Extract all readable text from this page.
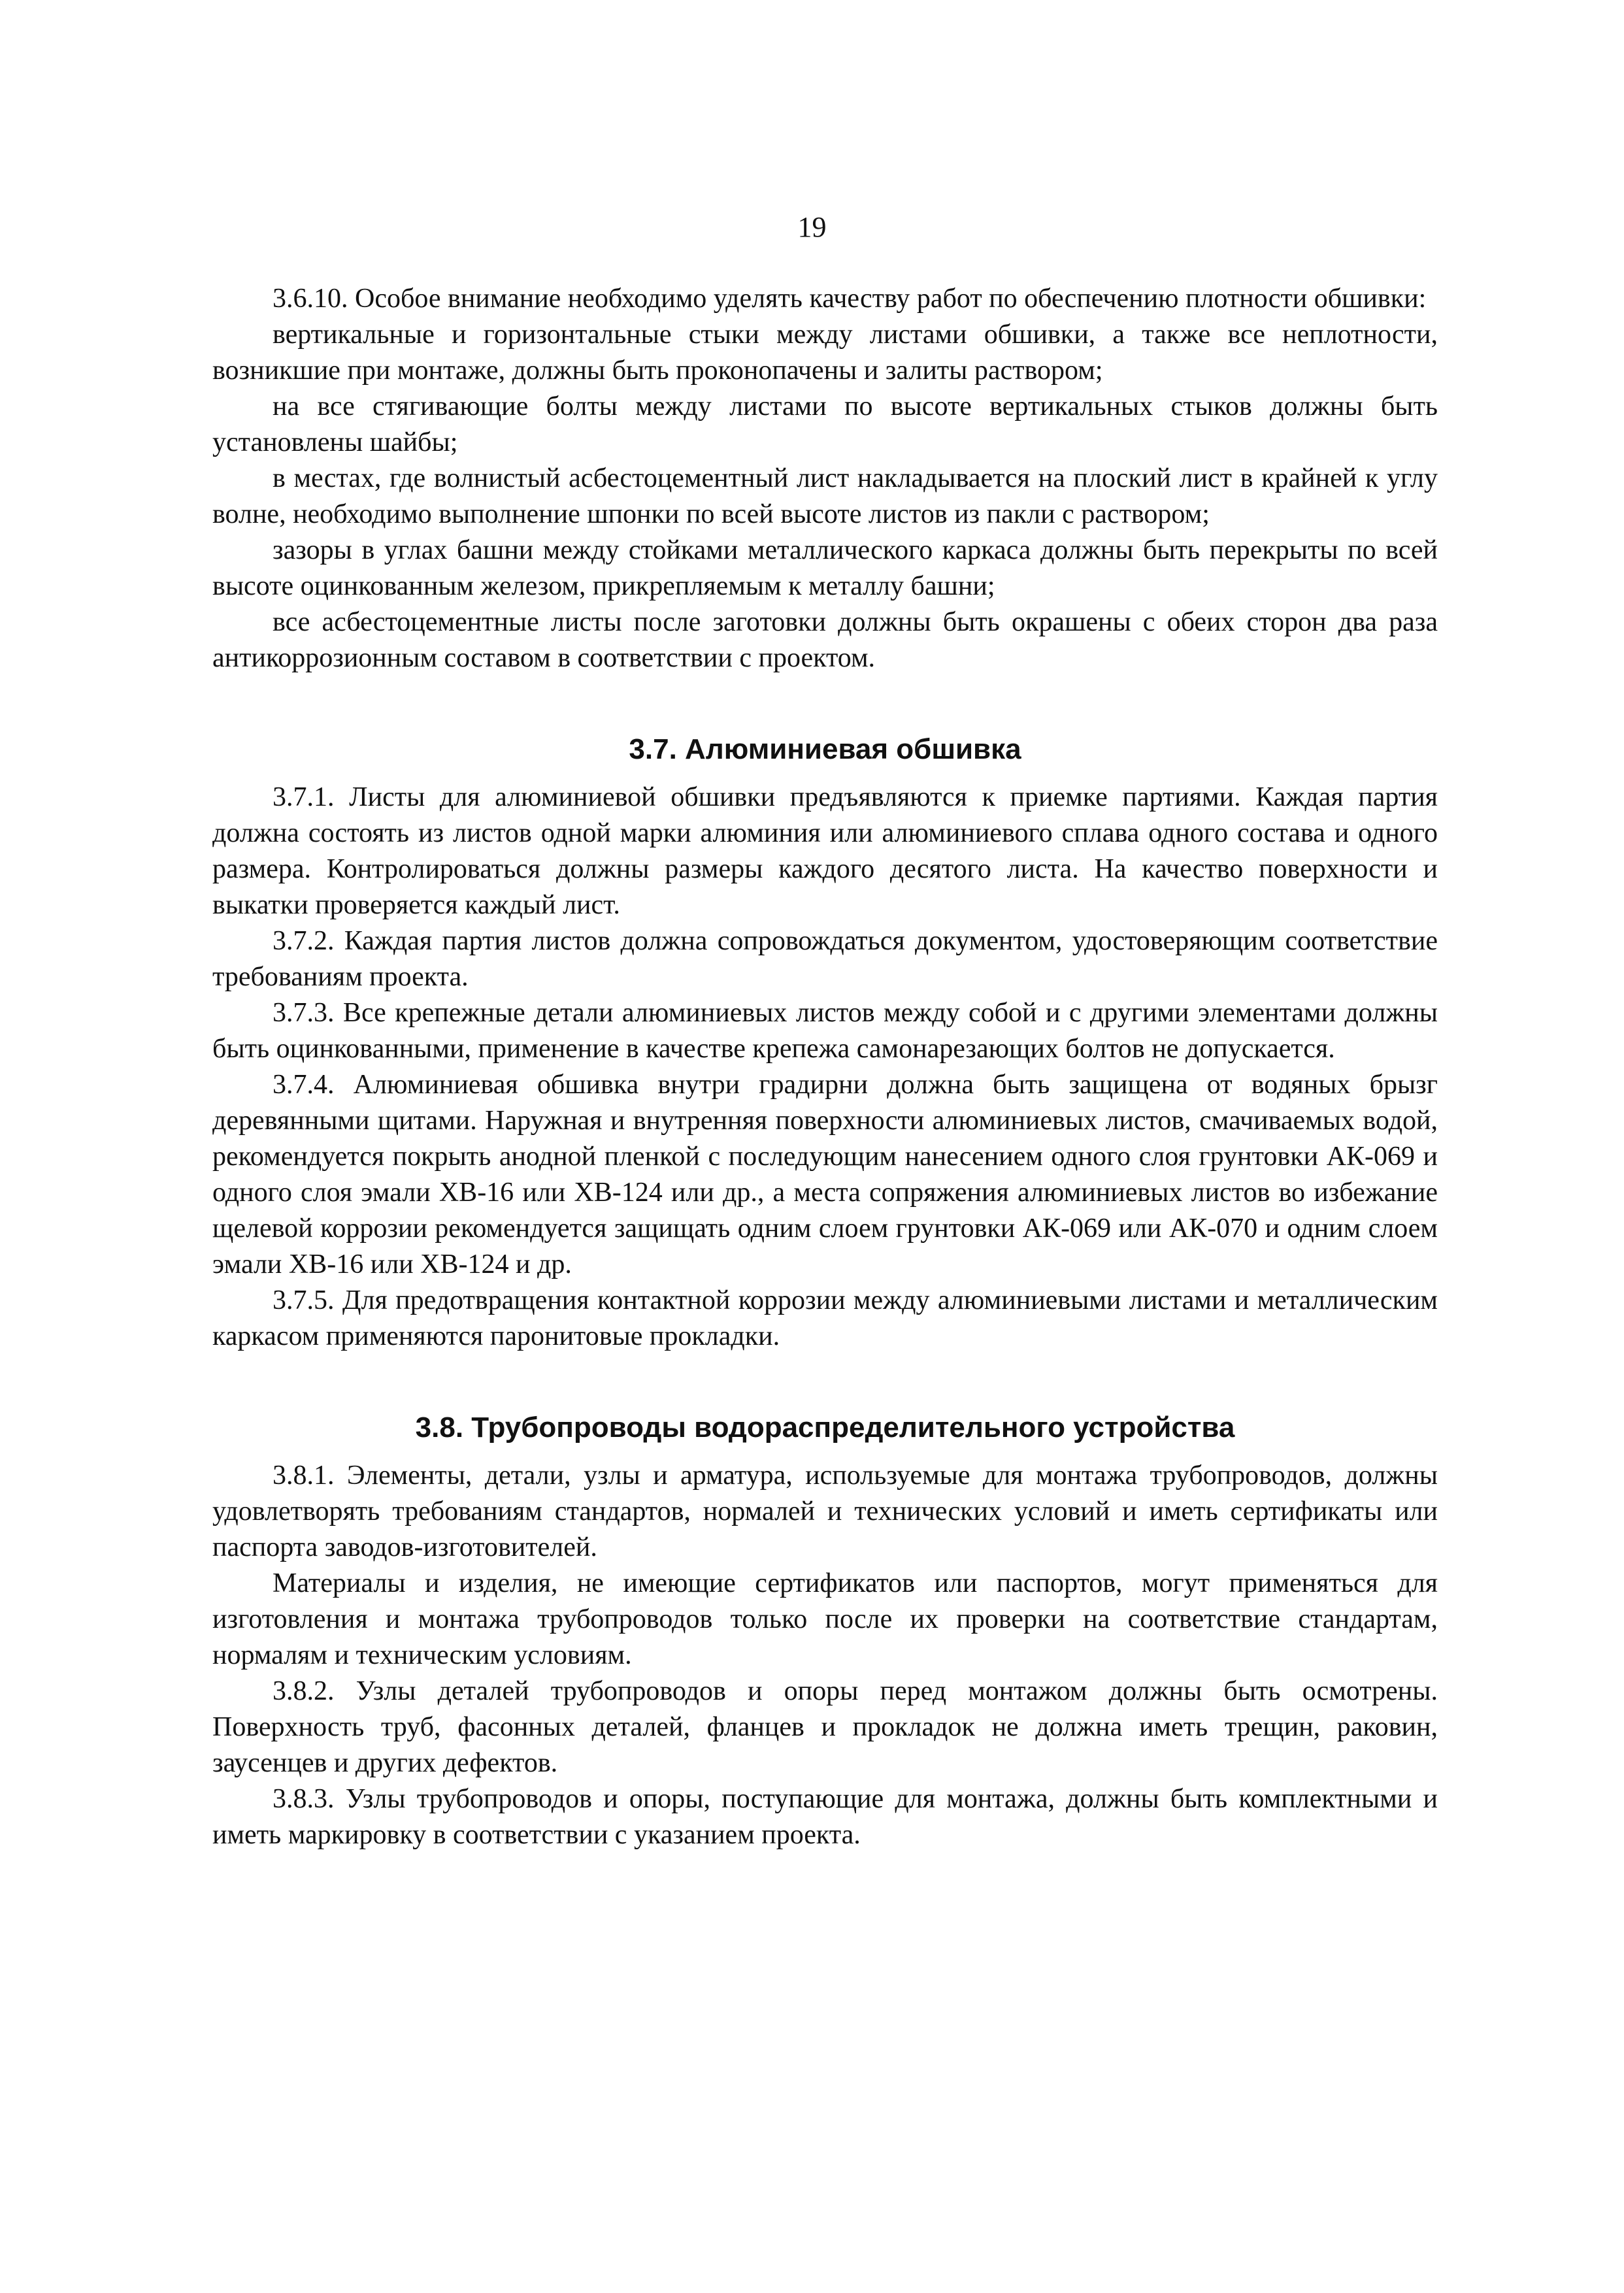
19

3.6.10. Особое внимание необходимо уделять качеству работ по обеспечению плотности обшивки:

вертикальные и горизонтальные стыки между листами обшивки, а также все неплотности, возникшие при монтаже, должны быть проконопачены и залиты раствором;

на все стягивающие болты между листами по высоте вертикальных стыков должны быть установлены шайбы;

в местах, где волнистый асбестоцементный лист накладывается на плоский лист в крайней к углу волне, необходимо выполнение шпонки по всей высоте листов из пакли с раствором;

зазоры в углах башни между стойками металлического каркаса должны быть перекрыты по всей высоте оцинкованным железом, прикрепляемым к металлу башни;

все асбестоцементные листы после заготовки должны быть окрашены с обеих сторон два раза антикоррозионным составом в соответствии с проектом.

3.7. Алюминиевая обшивка

3.7.1. Листы для алюминиевой обшивки предъявляются к приемке партиями. Каждая партия должна состоять из листов одной марки алюминия или алюминиевого сплава одного состава и одного размера. Контролироваться должны размеры каждого десятого листа. На качество поверхности и выкатки проверяется каждый лист.

3.7.2. Каждая партия листов должна сопровождаться документом, удостоверяющим соответствие требованиям проекта.

3.7.3. Все крепежные детали алюминиевых листов между собой и с другими элементами должны быть оцинкованными, применение в качестве крепежа самонарезающих болтов не допускается.

3.7.4. Алюминиевая обшивка внутри градирни должна быть защищена от водяных брызг деревянными щитами. Наружная и внутренняя поверхности алюминиевых листов, смачиваемых водой, рекомендуется покрыть анодной пленкой с последующим нанесением одного слоя грунтовки АК-069 и одного слоя эмали ХВ-16 или ХВ-124 или др., а места сопряжения алюминиевых листов во избежание щелевой коррозии рекомендуется защищать одним слоем грунтовки АК-069 или АК-070 и одним слоем эмали ХВ-16 или ХВ-124 и др.

3.7.5. Для предотвращения контактной коррозии между алюминиевыми листами и металлическим каркасом применяются паронитовые прокладки.

3.8. Трубопроводы водораспределительного устройства

3.8.1. Элементы, детали, узлы и арматура, используемые для монтажа трубопроводов, должны удовлетворять требованиям стандартов, нормалей и технических условий и иметь сертификаты или паспорта заводов-изготовителей.

Материалы и изделия, не имеющие сертификатов или паспортов, могут применяться для изготовления и монтажа трубопроводов только после их проверки на соответствие стандартам, нормалям и техническим условиям.

3.8.2. Узлы деталей трубопроводов и опоры перед монтажом должны быть осмотрены. Поверхность труб, фасонных деталей, фланцев и прокладок не должна иметь трещин, раковин, заусенцев и других дефектов.

3.8.3. Узлы трубопроводов и опоры, поступающие для монтажа, должны быть комплектными и иметь маркировку в соответствии с указанием проекта.
